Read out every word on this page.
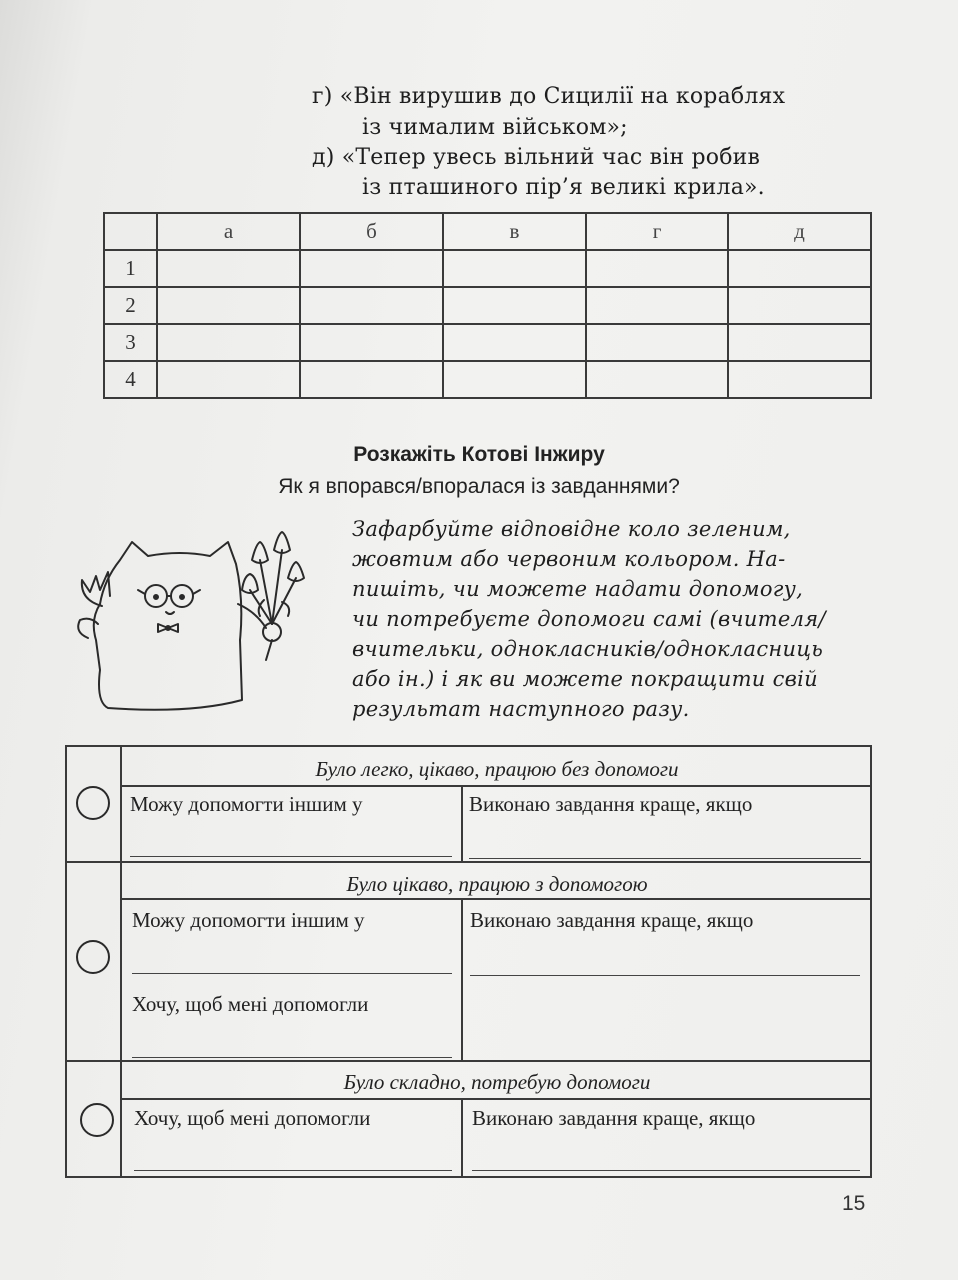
г) «Він вирушив до Сицилії на кораблях
із чималим військом»;
д) «Тепер увесь вільний час він робив
із пташиного пір’я великі крила».
	а	б	в	г	д
1					
2					
3					
4					
Розкажіть Котові Інжиру
Як я впорався/впоралася із завданнями?
Зафарбуйте відповідне коло зеленим,
жовтим або червоним кольором. На-
пишіть, чи можете надати допомогу,
чи потребуєте допомоги самі (вчителя/
вчительки, однокласників/однокласниць
або ін.) і як ви можете покращити свій
результат наступного разу.
Було легко, цікаво, працюю без допомоги
Можу допомогти іншим у	Виконаю завдання краще, якщо
Було цікаво, працюю з допомогою
Можу допомогти іншим у	Виконаю завдання краще, якщо
Хочу, щоб мені допомогли
Було складно, потребую допомоги
Хочу, щоб мені допомогли	Виконаю завдання краще, якщо
15
